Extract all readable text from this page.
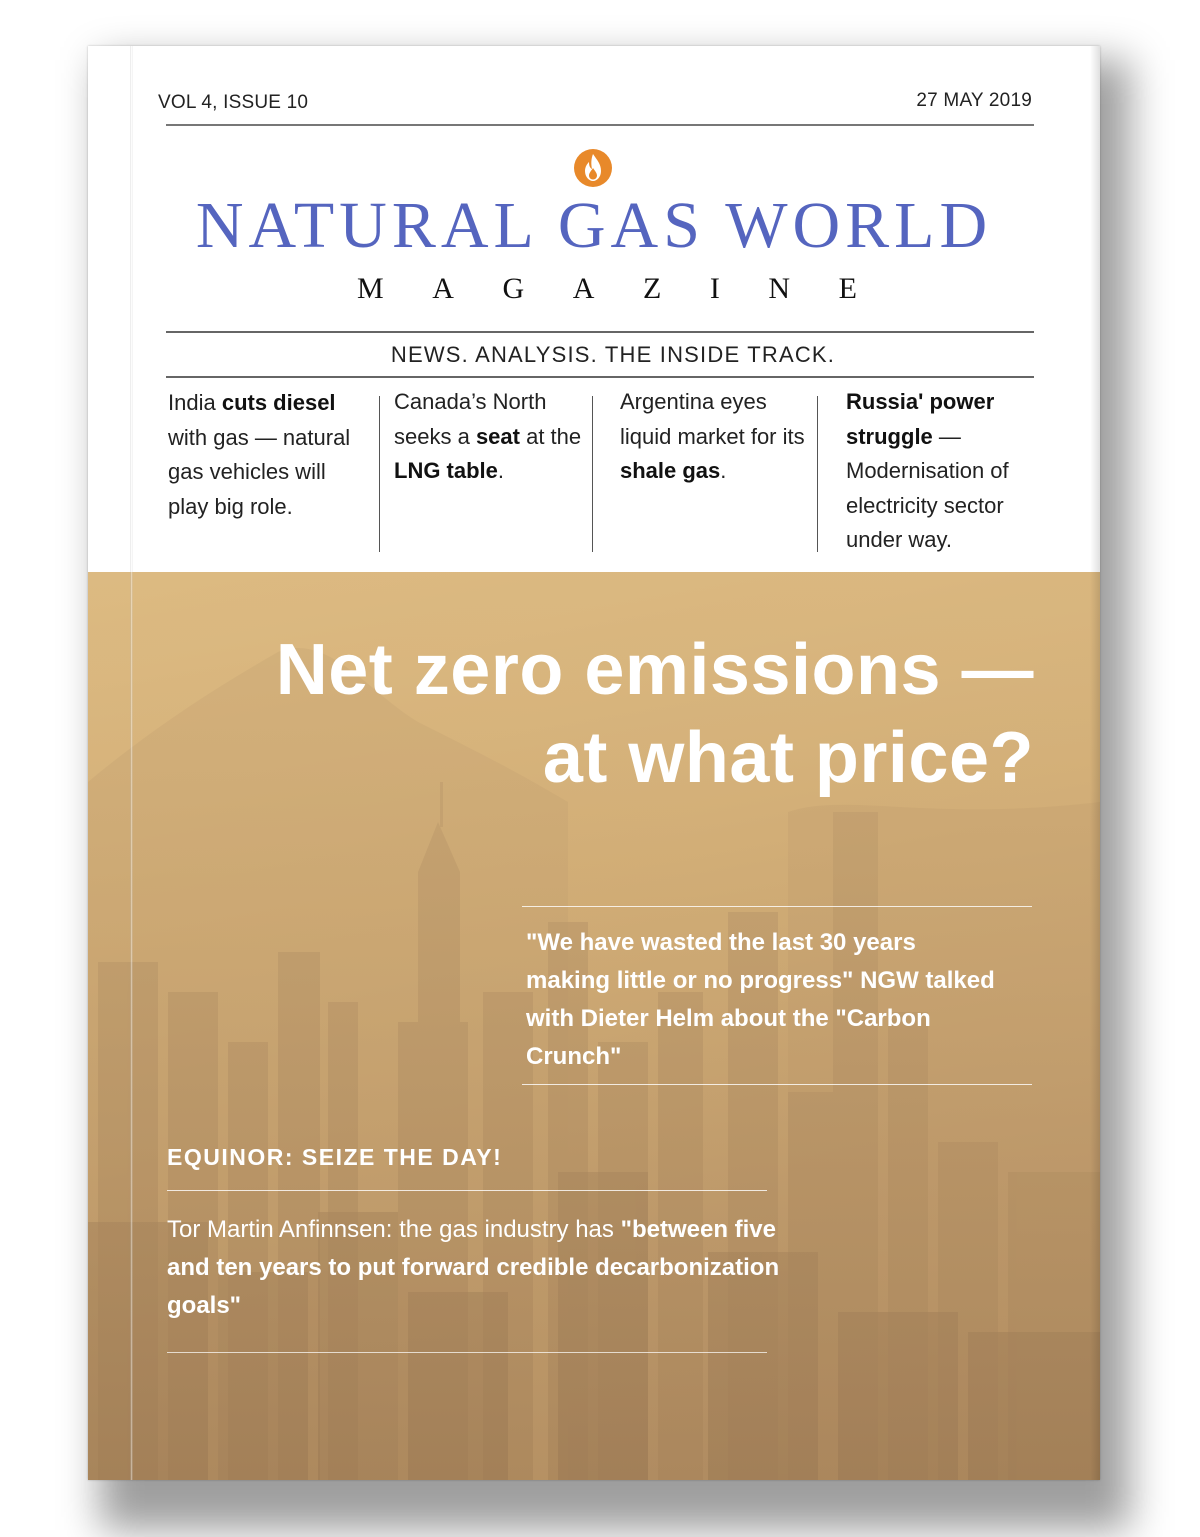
VOL 4, ISSUE 10	27 MAY 2019
NATURAL GAS WORLD
M A G A Z I N E
NEWS. ANALYSIS. THE INSIDE TRACK.
India cuts diesel with gas — natural gas vehicles will play big role.
Canada’s North seeks a seat at the LNG table.
Argentina eyes liquid market for its shale gas.
Russia' power struggle — Modernisation of electricity sector under way.
Net zero emissions — at what price?
"We have wasted the last 30 years making little or no progress" NGW talked with Dieter Helm about the "Carbon Crunch"
EQUINOR: SEIZE THE DAY!
Tor Martin Anfinnsen: the gas industry has "between five and ten years to put forward credible decarbonization goals"
